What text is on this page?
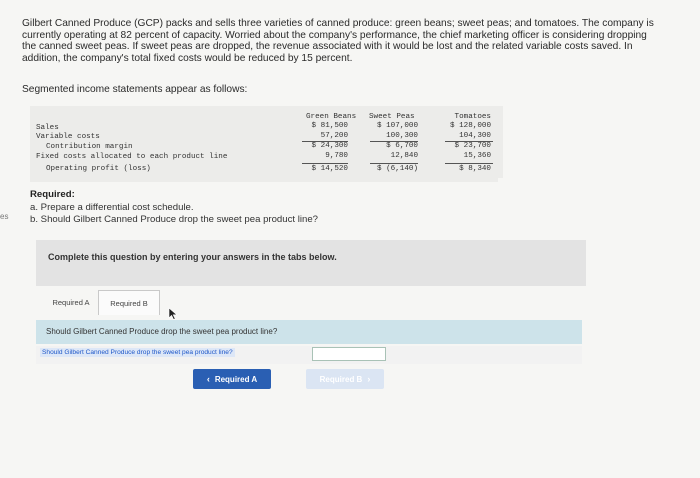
es
Gilbert Canned Produce (GCP) packs and sells three varieties of canned produce: green beans; sweet peas; and tomatoes. The company is currently operating at 82 percent of capacity. Worried about the company's performance, the chief marketing officer is considering dropping the canned sweet peas. If sweet peas are dropped, the revenue associated with it would be lost and the related variable costs saved. In addition, the company's total fixed costs would be reduced by 15 percent.
Segmented income statements appear as follows:
Green Beans Sweet Peas
Sales
Variable costs
Contribution margin
Fixed costs allocated to each product line
Operating profit (loss)
$ 81,500
57,200
$ 24,300
9,780
$ 14,520
$ 107,000
100,300
$ 6,700
12,840
$ (6,140)
Tomatoes
$ 128,000
104,300
$ 23,700
15,360
$ 8,340
Required:
a. Prepare a differential cost schedule.
b. Should Gilbert Canned Produce drop the sweet pea product line?
Complete this question by entering your answers in the tabs below.
Required A	Required B
Should Gilbert Canned Produce drop the sweet pea product line?
Should Gilbert Canned Produce drop the sweet pea product line?
‹ Required A	Required B ›
